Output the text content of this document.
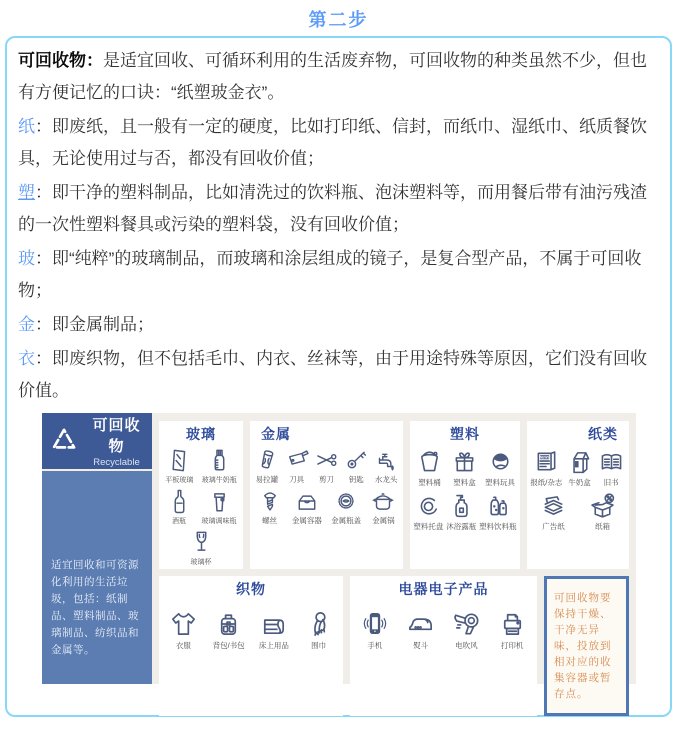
第二步

可回收物：是适宜回收、可循环利用的生活废弃物，可回收物的种类虽然不少，但也有方便记忆的口诀：“纸塑玻金衣”。

纸：即废纸，且一般有一定的硬度，比如打印纸、信封，而纸巾、湿纸巾、纸质餐饮具，无论使用过与否，都没有回收价值；

塑：即干净的塑料制品，比如清洗过的饮料瓶、泡沫塑料等，而用餐后带有油污残渣的一次性塑料餐具或污染的塑料袋，没有回收价值；

玻：即“纯粹”的玻璃制品，而玻璃和涂层组成的镜子，是复合型产品，不属于可回收物；

金：即金属制品；

衣：即废织物，但不包括毛巾、内衣、丝袜等，由于用途特殊等原因，它们没有回收价值。

可回收物
Recyclable
适宜回收和可资源化利用的生活垃圾，包括：纸制品、塑料制品、玻璃制品、纺织品和金属等。
玻璃
平板玻璃 玻璃牛奶瓶
酒瓶 玻璃调味瓶
玻璃杯
金属
易拉罐 刀具 剪刀 钥匙 水龙头
螺丝 金属容器 金属瓶盖 金属锅
塑料
塑料桶 塑料盒 塑料玩具
塑料托盘 沐浴露瓶 塑料饮料瓶
纸类
NEWS
报纸/杂志 牛奶盒 旧书
广告纸	纸箱
织物
衣服	背包/书包 床上用品	围巾
电器电子产品
手机	熨斗	电吹风	打印机
可回收物要保持干燥、干净无异味，投放到相对应的收集容器或暂存点。
